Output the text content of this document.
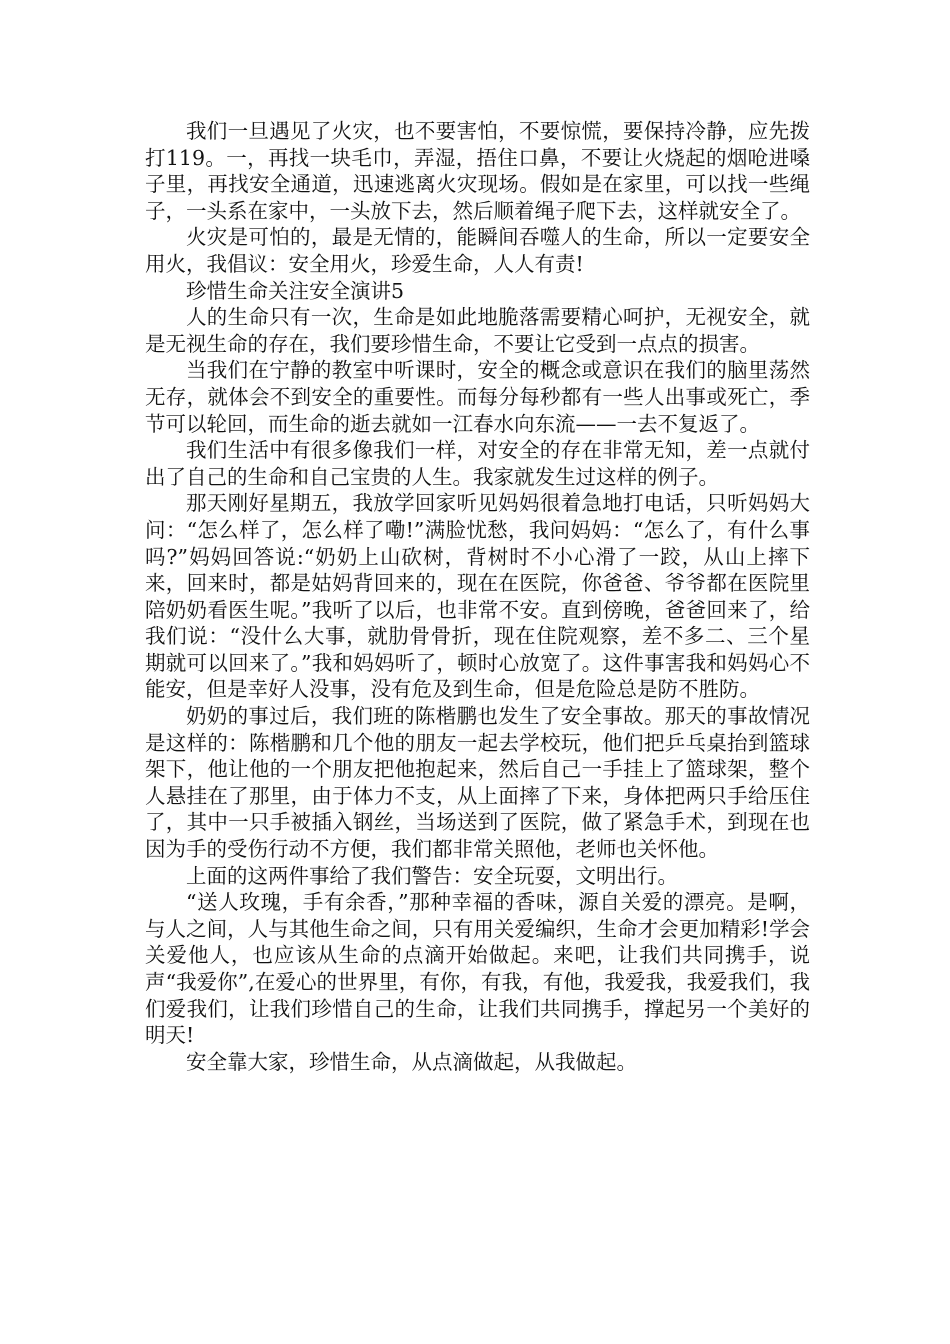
我们一旦遇见了火灾，也不要害怕，不要惊慌，要保持冷静，应先拨打119。一，再找一块毛巾，弄湿，捂住口鼻，不要让火烧起的烟呛进嗓子里，再找安全通道，迅速逃离火灾现场。假如是在家里，可以找一些绳子，一头系在家中，一头放下去，然后顺着绳子爬下去，这样就安全了。

火灾是可怕的，最是无情的，能瞬间吞噬人的生命，所以一定要安全用火，我倡议：安全用火，珍爱生命，人人有责!

珍惜生命关注安全演讲5

人的生命只有一次，生命是如此地脆落需要精心呵护，无视安全，就是无视生命的存在，我们要珍惜生命，不要让它受到一点点的损害。

当我们在宁静的教室中听课时，安全的概念或意识在我们的脑里荡然无存，就体会不到安全的重要性。而每分每秒都有一些人出事或死亡，季节可以轮回，而生命的逝去就如一江春水向东流——一去不复返了。

我们生活中有很多像我们一样，对安全的存在非常无知，差一点就付出了自己的生命和自己宝贵的人生。我家就发生过这样的例子。

那天刚好星期五，我放学回家听见妈妈很着急地打电话，只听妈妈大问：“怎么样了，怎么样了嘞!”满脸忧愁，我问妈妈：“怎么了，有什么事吗?”妈妈回答说:“奶奶上山砍树，背树时不小心滑了一跤，从山上摔下来，回来时，都是姑妈背回来的，现在在医院，你爸爸、爷爷都在医院里陪奶奶看医生呢。”我听了以后，也非常不安。直到傍晚，爸爸回来了，给我们说：“没什么大事，就肋骨骨折，现在住院观察，差不多二、三个星期就可以回来了。”我和妈妈听了，顿时心放宽了。这件事害我和妈妈心不能安，但是幸好人没事，没有危及到生命，但是危险总是防不胜防。

奶奶的事过后，我们班的陈楷鹏也发生了安全事故。那天的事故情况是这样的：陈楷鹏和几个他的朋友一起去学校玩，他们把乒乓桌抬到篮球架下，他让他的一个朋友把他抱起来，然后自己一手挂上了篮球架，整个人悬挂在了那里，由于体力不支，从上面摔了下来，身体把两只手给压住了，其中一只手被插入钢丝，当场送到了医院，做了紧急手术，到现在也因为手的受伤行动不方便，我们都非常关照他，老师也关怀他。

上面的这两件事给了我们警告：安全玩耍，文明出行。

“送人玫瑰，手有余香，”那种幸福的香味，源自关爱的漂亮。是啊，与人之间，人与其他生命之间，只有用关爱编织，生命才会更加精彩!学会关爱他人，也应该从生命的点滴开始做起。来吧，让我们共同携手，说声“我爱你”,在爱心的世界里，有你，有我，有他，我爱我，我爱我们，我们爱我们，让我们珍惜自己的生命，让我们共同携手，撑起另一个美好的明天!

安全靠大家，珍惜生命，从点滴做起，从我做起。
